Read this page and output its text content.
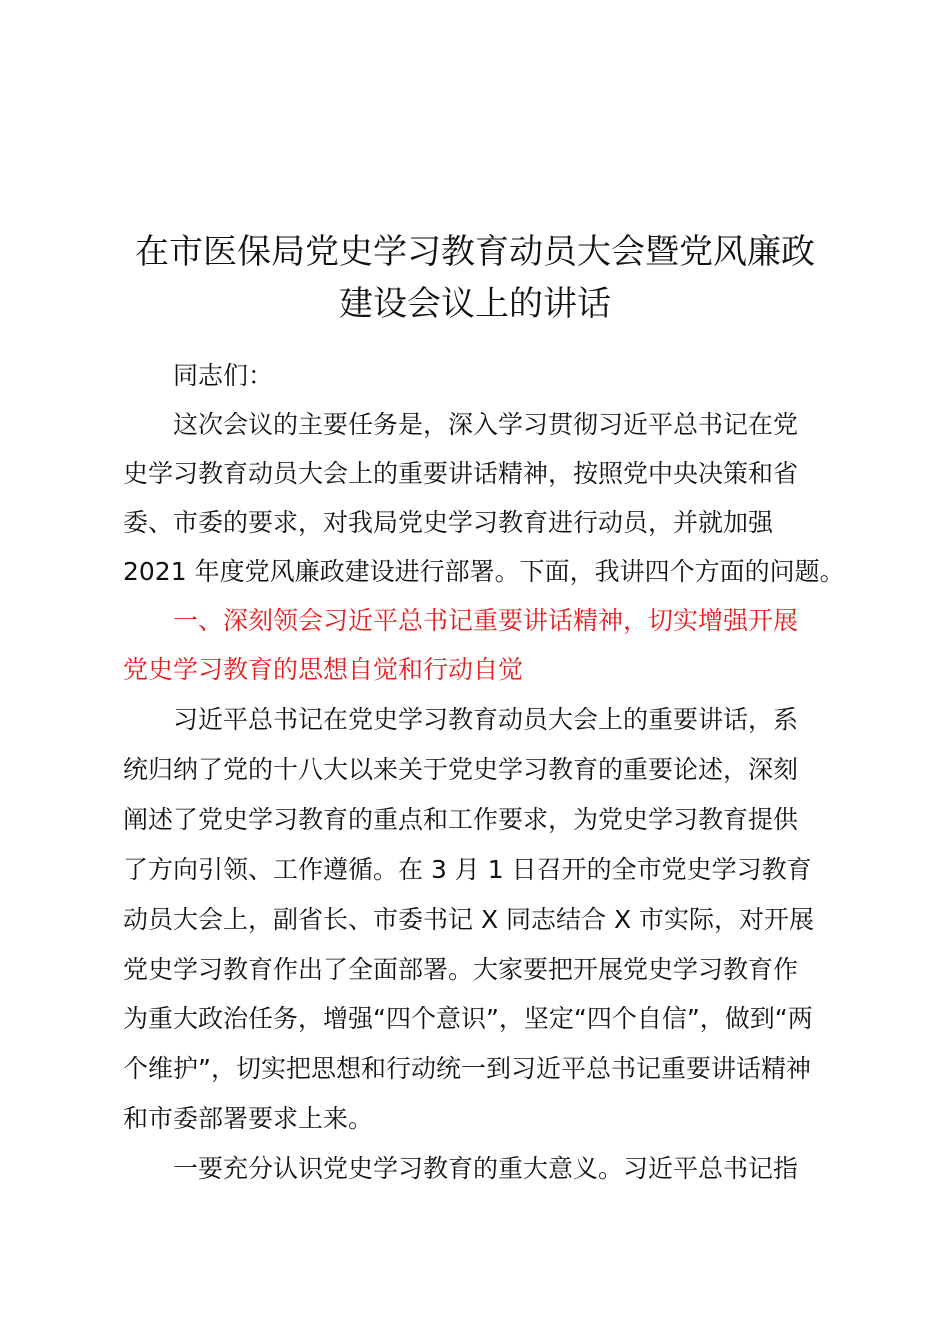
在市医保局党史学习教育动员大会暨党风廉政
建设会议上的讲话
同志们：
这次会议的主要任务是，深入学习贯彻习近平总书记在党
史学习教育动员大会上的重要讲话精神，按照党中央决策和省
委、市委的要求，对我局党史学习教育进行动员，并就加强
2021 年度党风廉政建设进行部署。下面，我讲四个方面的问题。
一、深刻领会习近平总书记重要讲话精神，切实增强开展
党史学习教育的思想自觉和行动自觉
习近平总书记在党史学习教育动员大会上的重要讲话，系
统归纳了党的十八大以来关于党史学习教育的重要论述，深刻
阐述了党史学习教育的重点和工作要求，为党史学习教育提供
了方向引领、工作遵循。在 3 月 1 日召开的全市党史学习教育
动员大会上，副省长、市委书记 X 同志结合 X 市实际，对开展
党史学习教育作出了全面部署。大家要把开展党史学习教育作
为重大政治任务，增强“四个意识”，坚定“四个自信”，做到“两
个维护”，切实把思想和行动统一到习近平总书记重要讲话精神
和市委部署要求上来。
一要充分认识党史学习教育的重大意义。习近平总书记指
